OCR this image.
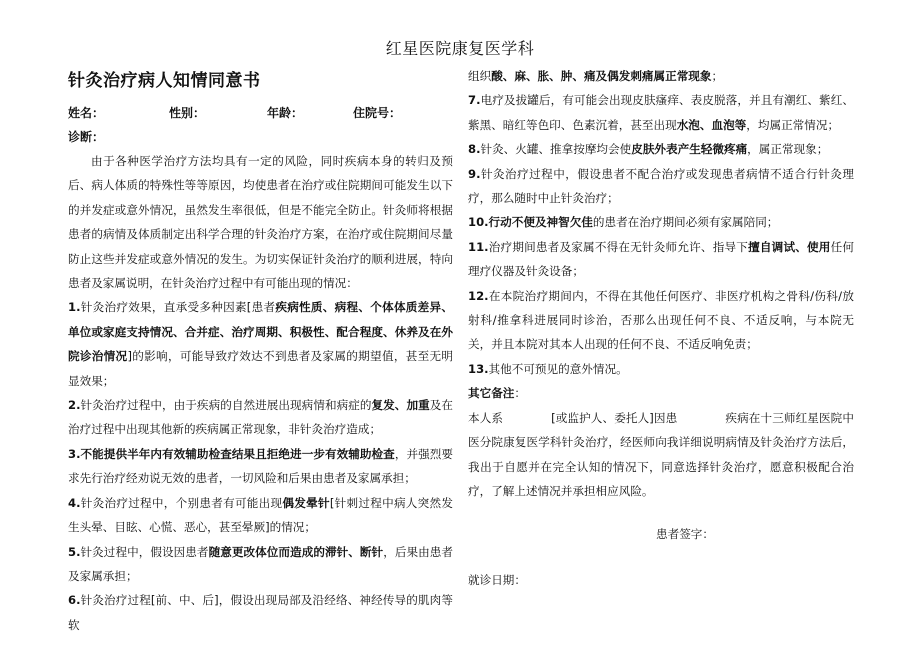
红星医院康复医学科
针灸治疗病人知情同意书
姓名：	性别：	年龄：	住院号：
诊断：

由于各种医学治疗方法均具有一定的风险，同时疾病本身的转归及预后、病人体质的特殊性等等原因，均使患者在治疗或住院期间可能发生以下的并发症或意外情况，虽然发生率很低，但是不能完全防止。针灸师将根据患者的病情及体质制定出科学合理的针灸治疗方案，在治疗或住院期间尽量防止这些并发症或意外情况的发生。为切实保证针灸治疗的顺利进展，特向患者及家属说明，在针灸治疗过程中有可能出现的情况：

1.针灸治疗效果，直承受多种因素[患者疾病性质、病程、个体体质差异、单位或家庭支持情况、合并症、治疗周期、积极性、配合程度、休养及在外院诊治情况]的影响，可能导致疗效达不到患者及家属的期望值，甚至无明显效果；

2.针灸治疗过程中，由于疾病的自然进展出现病情和病症的复发、加重及在治疗过程中出现其他新的疾病属正常现象，非针灸治疗造成；

3.不能提供半年内有效辅助检查结果且拒绝进一步有效辅助检查，并强烈要求先行治疗经劝说无效的患者，一切风险和后果由患者及家属承担；

4.针灸治疗过程中，个别患者有可能出现偶发晕针[针刺过程中病人突然发生头晕、目眩、心慌、恶心，甚至晕厥]的情况；

5.针灸过程中，假设因患者随意更改体位而造成的滞针、断针，后果由患者及家属承担；

6.针灸治疗过程[前、中、后]，假设出现局部及沿经络、神经传导的肌肉等软

组织酸、麻、胀、肿、痛及偶发刺痛属正常现象；

7.电疗及拔罐后，有可能会出现皮肤瘙痒、表皮脱落，并且有潮红、紫红、紫黑、暗红等色印、色素沉着，甚至出现水泡、血泡等，均属正常情况；

8.针灸、火罐、推拿按摩均会使皮肤外表产生轻微疼痛，属正常现象；

9.针灸治疗过程中，假设患者不配合治疗或发现患者病情不适合行针灸理疗，那么随时中止针灸治疗；

10.行动不便及神智欠佳的患者在治疗期间必须有家属陪同；

11.治疗期间患者及家属不得在无针灸师允许、指导下擅自调试、使用任何理疗仪器及针灸设备；

12.在本院治疗期间内，不得在其他任何医疗、非医疗机构之骨科/伤科/放射科/推拿科进展同时诊治，否那么出现任何不良、不适反响，与本院无关，并且本院对其本人出现的任何不良、不适反响免责；

13.其他不可预见的意外情况。

其它备注：

本人系	[或监护人、委托人]因患	疾病在十三师红星医院中医分院康复医学科针灸治疗，经医师向我详细说明病情及针灸治疗方法后，我出于自愿并在完全认知的情况下，同意选择针灸治疗，愿意积极配合治疗，了解上述情况并承担相应风险。

患者签字：
就诊日期：
